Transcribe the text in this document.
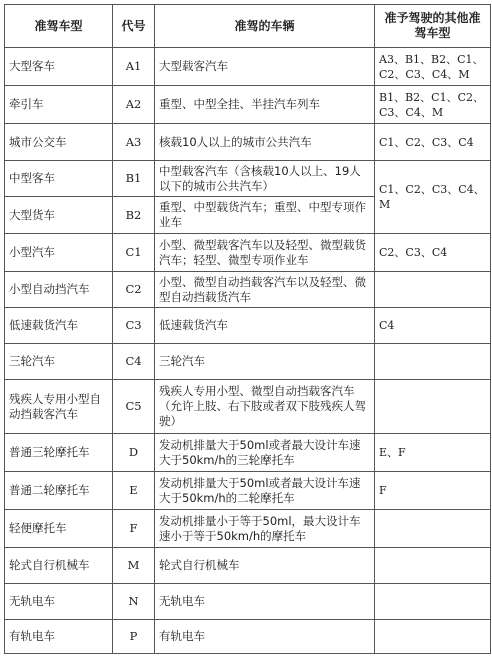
准驾车型	代号	准驾的车辆	准予驾驶的其他准驾车型
大型客车	A1	大型载客汽车	A3、B1、B2、C1、C2、C3、C4、M
牵引车	A2	重型、中型全挂、半挂汽车列车	B1、B2、C1、C2、C3、C4、M
城市公交车	A3	核载10人以上的城市公共汽车	C1、C2、C3、C4
中型客车	B1	中型载客汽车（含核载10人以上、19人以下的城市公共汽车）	C1、C2、C3、C4、M
大型货车	B2	重型、中型载货汽车；重型、中型专项作业车	
小型汽车	C1	小型、微型载客汽车以及轻型、微型载货汽车；轻型、微型专项作业车	C2、C3、C4
小型自动挡汽车	C2	小型、微型自动挡载客汽车以及轻型、微型自动挡载货汽车	
低速载货汽车	C3	低速载货汽车	C4
三轮汽车	C4	三轮汽车	
残疾人专用小型自动挡载客汽车	C5	残疾人专用小型、微型自动挡载客汽车（允许上肢、右下肢或者双下肢残疾人驾驶）	
普通三轮摩托车	D	发动机排量大于50ml或者最大设计车速大于50km/h的三轮摩托车	E、F
普通二轮摩托车	E	发动机排量大于50ml或者最大设计车速大于50km/h的二轮摩托车	F
轻便摩托车	F	发动机排量小于等于50ml，最大设计车速小于等于50km/h的摩托车	
轮式自行机械车	M	轮式自行机械车	
无轨电车	N	无轨电车	
有轨电车	P	有轨电车	
